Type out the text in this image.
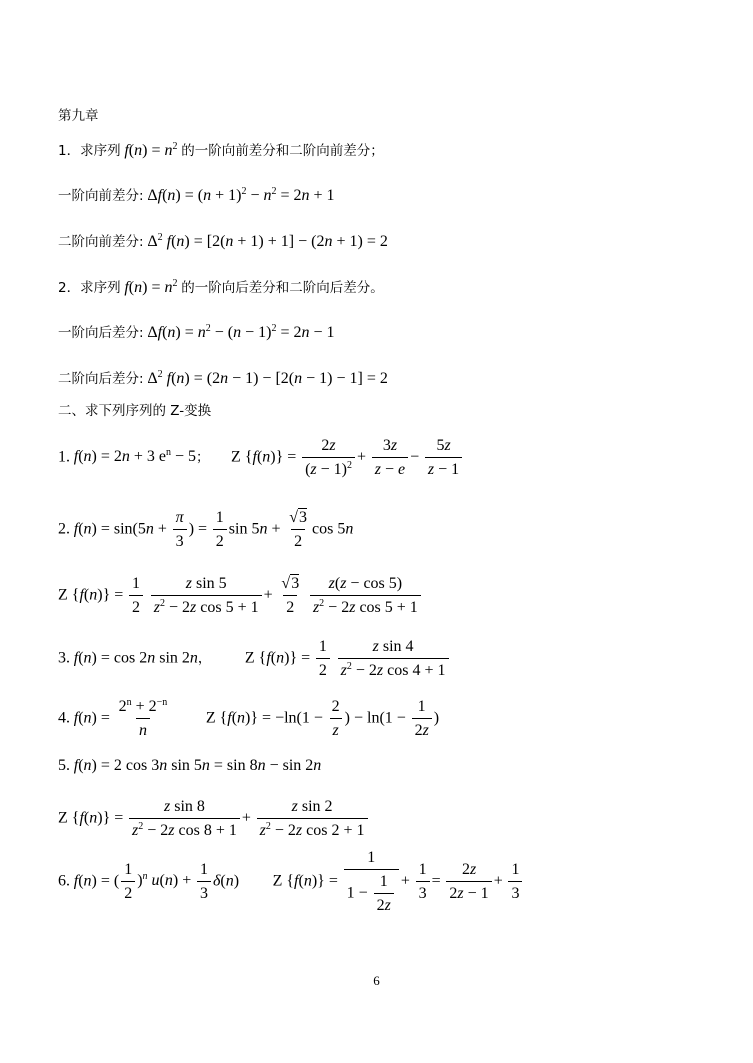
第九章
1．求序列 $f(n) = n^2$ 的一阶向前差分和二阶向前差分；
一阶向前差分: $\Delta f(n) = (n + 1)^2 - n^2 = 2n + 1$
二阶向前差分: $\Delta^2$ f(n) = [2(n + 1) + 1] − (2n + 1) = 2
2．求序列 $f(n) = n^2$ 的一阶向后差分和二阶向后差分。
一阶向后差分: $\Delta f(n) = n^2 - (n - 1)^2 = 2n - 1$
二阶向后差分: $\Delta^2$ f(n) = (2n − 1) − [2(n − 1) − 1] = 2
二、求下列序列的 Z-变换
1. f(n) = 2n + 3 $e^n - 5$； Z $\{f(n)\} = \frac{2z}{(z - 1)^2} + \frac{3z}{z - e} - \frac{5z}{z - 1}$
2. $f(n) = \sin(5n + \frac{\pi}{3}$ ) = $\frac{1}{2}$ $\sin 5n + \frac{√3}{2}$ cos 5n
Z $\{f(n)\} = \frac{1}{2}$
$\frac{\text{z sin 5}}{z^2 - 2z \cos 5 + 1} + \frac{√3}{2}$
$\frac{z(z - \cos 5)}{z^2 - 2z \cos 5 + 1}$
3. f(n) = cos 2n sin 2n， Z $\{f(n)\} = \frac{1}{2}$
$\frac{\text{z sin 4}}{z^2 - 2z \cos 4 + 1}$
4. $f(n) = \frac{2^n + 2^{-n}}{n}$ Z $\{f(n)\} = -\ln(1 - \frac{2}{z}$ ) − $\ln(1 - \frac{1}{2z}$ )
5. f(n) = 2 cos 3n sin 5n = sin 8n − sin 2n
Z $\{f(n)\} = \frac{\text{z sin 8}}{z^2 - 2z \cos 8 + 1} + \frac{\text{z sin 2}}{z^2 - 2z \cos 2 + 1}$
6. f(n) = ( $\frac{1}{2} )^n$ $u(n) + \frac{1}{3} \delta(n)$ Z $\{f(n)\} = \frac{1}{1 - \frac{1}{2z}} + \frac{1}{3} = \frac{2z}{2z - 1} + \frac{1}{3}$
6
